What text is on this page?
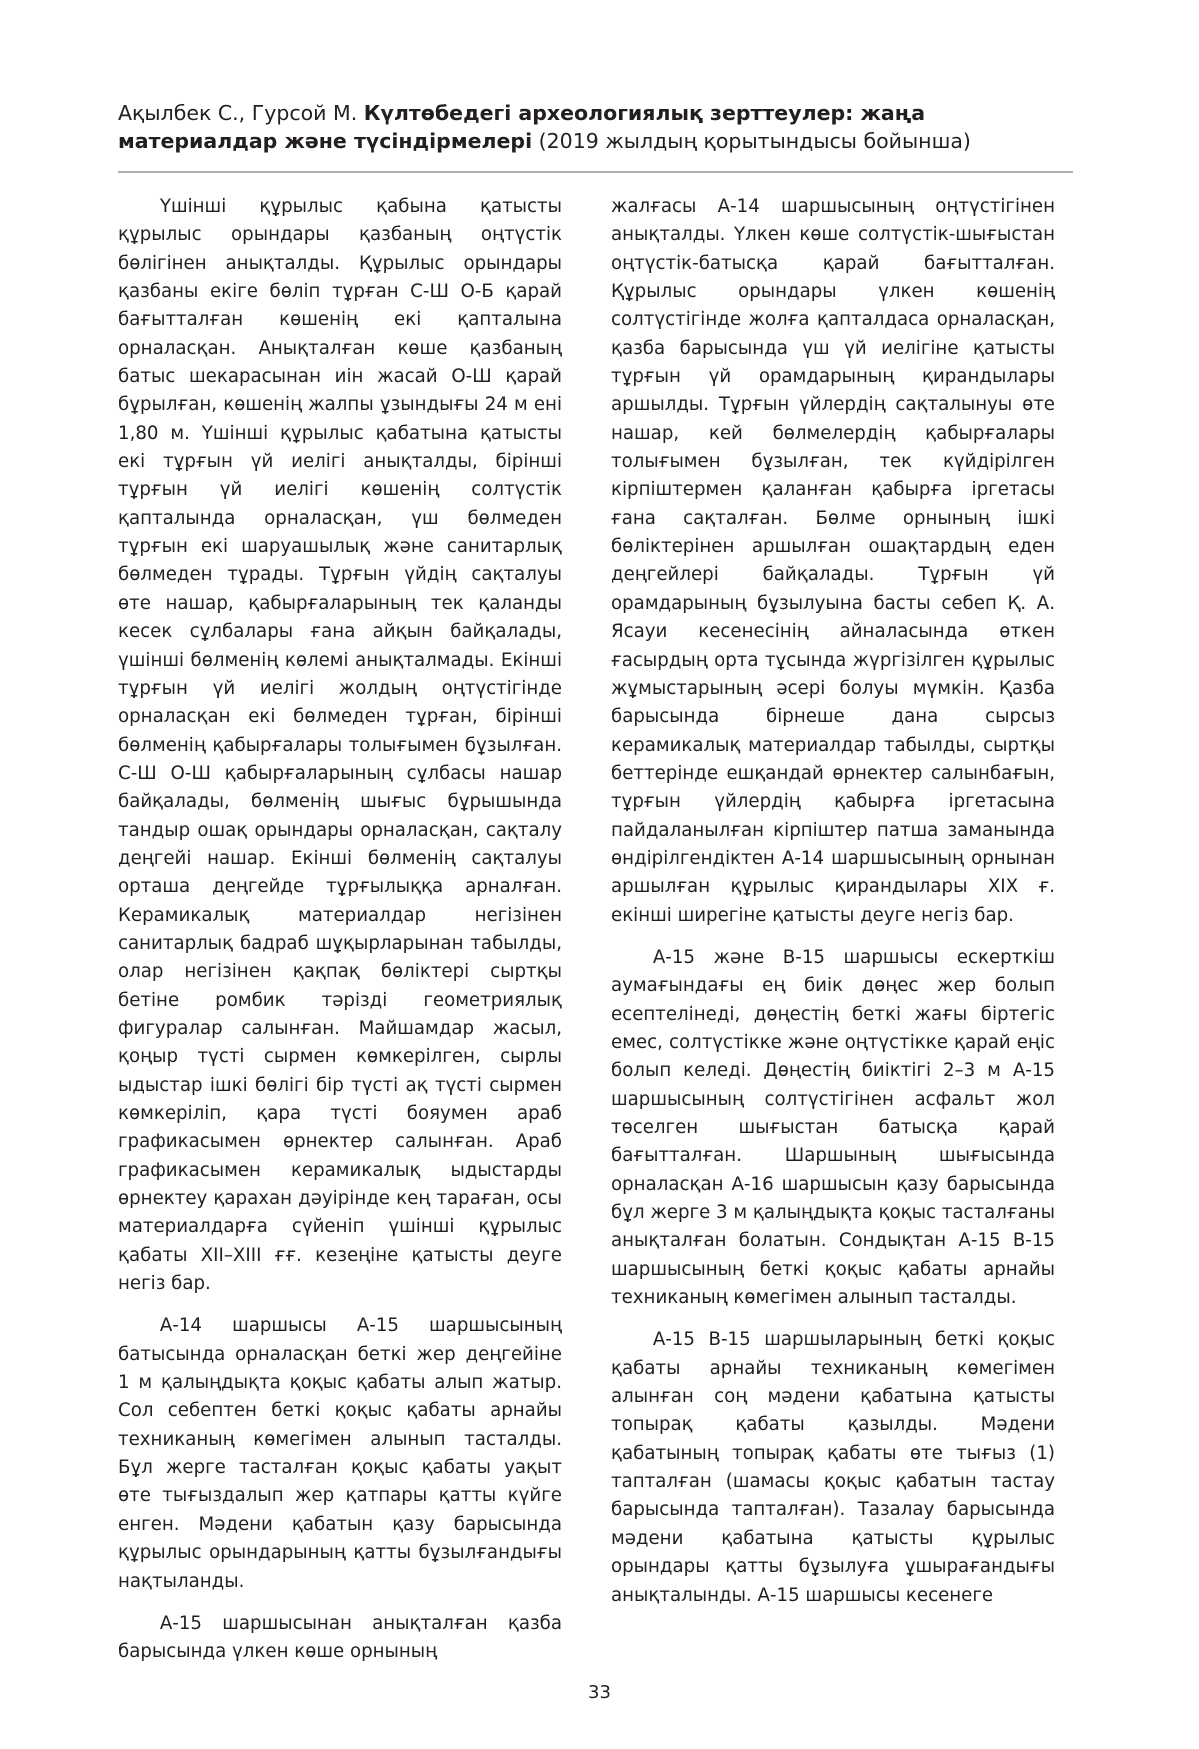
Ақылбек С., Гурсой М. Күлтөбедегі археологиялық зерттеулер: жаңа материалдар және түсіндірмелері (2019 жылдың қорытындысы бойынша)

Үшінші құрылыс қабына қатысты құрылыс орындары қазбаның оңтүстік бөлігінен анықталды. Құрылыс орындары қазбаны екіге бөліп тұрған С-Ш О-Б қарай бағытталған көшенің екі қапталына орналасқан. Анықталған көше қазбаның батыс шекарасынан иін жасай О-Ш қарай бұрылған, көшенің жалпы ұзындығы 24 м ені 1,80 м. Үшінші құрылыс қабатына қатысты екі тұрғын үй иелігі анықталды, бірінші тұрғын үй иелігі көшенің солтүстік қапталында орналасқан, үш бөлмеден тұрғын екі шаруашылық және санитарлық бөлмеден тұрады. Тұрғын үйдің сақталуы өте нашар, қабырғаларының тек қаланды кесек сұлбалары ғана айқын байқалады, үшінші бөлменің көлемі анықталмады. Екінші тұрғын үй иелігі жолдың оңтүстігінде орналасқан екі бөлмеден тұрған, бірінші бөлменің қабырғалары толығымен бұзылған. С-Ш О-Ш қабырғаларының сұлбасы нашар байқалады, бөлменің шығыс бұрышында тандыр ошақ орындары орналасқан, сақталу деңгейі нашар. Екінші бөлменің сақталуы орташа деңгейде тұрғылыққа арналған. Керамикалық материалдар негізінен санитарлық бадраб шұқырларынан табылды, олар негізінен қақпақ бөліктері сыртқы бетіне ромбик тәрізді геометриялық фигуралар салынған. Майшамдар жасыл, қоңыр түсті сырмен көмкерілген, сырлы ыдыстар ішкі бөлігі бір түсті ақ түсті сырмен көмкеріліп, қара түсті бояумен араб графикасымен өрнектер салынған. Араб графикасымен керамикалық ыдыстарды өрнектеу қарахан дәуірінде кең тараған, осы материалдарға сүйеніп үшінші құрылыс қабаты XII–XIII ғғ. кезеңіне қатысты деуге негіз бар.

А-14 шаршысы А-15 шаршысының батысында орналасқан беткі жер деңгейіне 1 м қалыңдықта қоқыс қабаты алып жатыр. Сол себептен беткі қоқыс қабаты арнайы техниканың көмегімен алынып тасталды. Бұл жерге тасталған қоқыс қабаты уақыт өте тығыздалып жер қатпары қатты күйге енген. Мәдени қабатын қазу барысында құрылыс орындарының қатты бұзылғандығы нақтыланды.

А-15 шаршысынан анықталған қазба барысында үлкен көше орнының

жалғасы А-14 шаршысының оңтүстігінен анықталды. Үлкен көше солтүстік-шығыстан оңтүстік-батысқа қарай бағытталған. Құрылыс орындары үлкен көшенің солтүстігінде жолға қапталдаса орналасқан, қазба барысында үш үй иелігіне қатысты тұрғын үй орамдарының қирандылары аршылды. Тұрғын үйлердің сақталынуы өте нашар, кей бөлмелердің қабырғалары толығымен бұзылған, тек күйдірілген кірпіштермен қаланған қабырға іргетасы ғана сақталған. Бөлме орнының ішкі бөліктерінен аршылған ошақтардың еден деңгейлері байқалады. Тұрғын үй орамдарының бұзылуына басты себеп Қ. А. Ясауи кесенесінің айналасында өткен ғасырдың орта тұсында жүргізілген құрылыс жұмыстарының әсері болуы мүмкін. Қазба барысында бірнеше дана сырсыз керамикалық материалдар табылды, сыртқы беттерінде ешқандай өрнектер салынбағын, тұрғын үйлердің қабырға іргетасына пайдаланылған кірпіштер патша заманында өндірілгендіктен А-14 шаршысының орнынан аршылған құрылыс қирандылары XIX ғ. екінші ширегіне қатысты деуге негіз бар.

А-15 және В-15 шаршысы ескерткіш аумағындағы ең биік дөңес жер болып есептелінеді, дөңестің беткі жағы біртегіс емес, солтүстікке және оңтүстікке қарай еңіс болып келеді. Дөңестің биіктігі 2–3 м А-15 шаршысының солтүстігінен асфальт жол төселген шығыстан батысқа қарай бағытталған. Шаршының шығысында орналасқан А-16 шаршысын қазу барысында бұл жерге 3 м қалыңдықта қоқыс тасталғаны анықталған болатын. Сондықтан А-15 В-15 шаршысының беткі қоқыс қабаты арнайы техниканың көмегімен алынып тасталды.

А-15 В-15 шаршыларының беткі қоқыс қабаты арнайы техниканың көмегімен алынған соң мәдени қабатына қатысты топырақ қабаты қазылды. Мәдени қабатының топырақ қабаты өте тығыз (1) тапталған (шамасы қоқыс қабатын тастау барысында тапталған). Тазалау барысында мәдени қабатына қатысты құрылыс орындары қатты бұзылуға ұшырағандығы анықталынды. А-15 шаршысы кесенеге

33
